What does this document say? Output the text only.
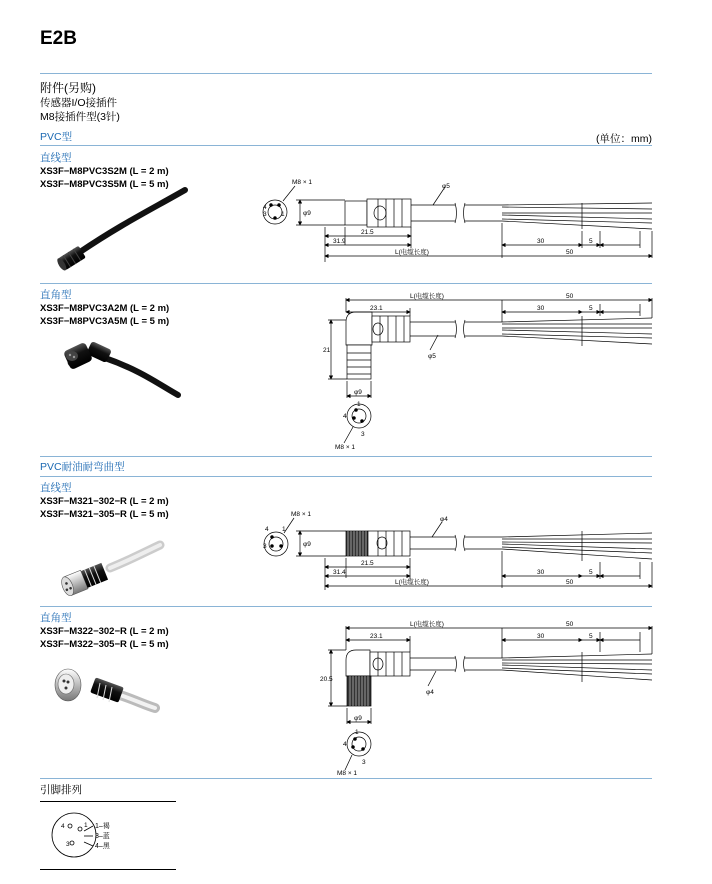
E2B
附件(另购)
传感器I/O接插件
M8接插件型(3针)
PVC型	(单位：mm)
直线型
XS3F−M8PVC3S2M (L = 2 m)
XS3F−M8PVC3S5M (L = 5 m)
直角型
XS3F−M8PVC3A2M (L = 2 m)
XS3F−M8PVC3A5M (L = 5 m)
PVC耐油耐弯曲型
直线型
XS3F−M321−302−R (L = 2 m)
XS3F−M321−305−R (L = 5 m)
直角型
XS3F−M322−302−R (L = 2 m)
XS3F−M322−305−R (L = 5 m)
引脚排列
M8 × 1
4
3 1	φ9
φ5
21.5
31.9
L(电缆长度)
30	5
50
L(电缆长度)	50
23.1	30	5
21
φ5
φ9
1
4
3
M8 × 1
M8 × 1
4
3
1
φ9
φ4
21.5
31.4
L(电缆长度)
30	5
50
L(电缆长度)	50
23.1	30	5
20.5
φ4
φ9
1
4
3
M8 × 1
4	1
3
1–褐
3–蓝
4–黑
